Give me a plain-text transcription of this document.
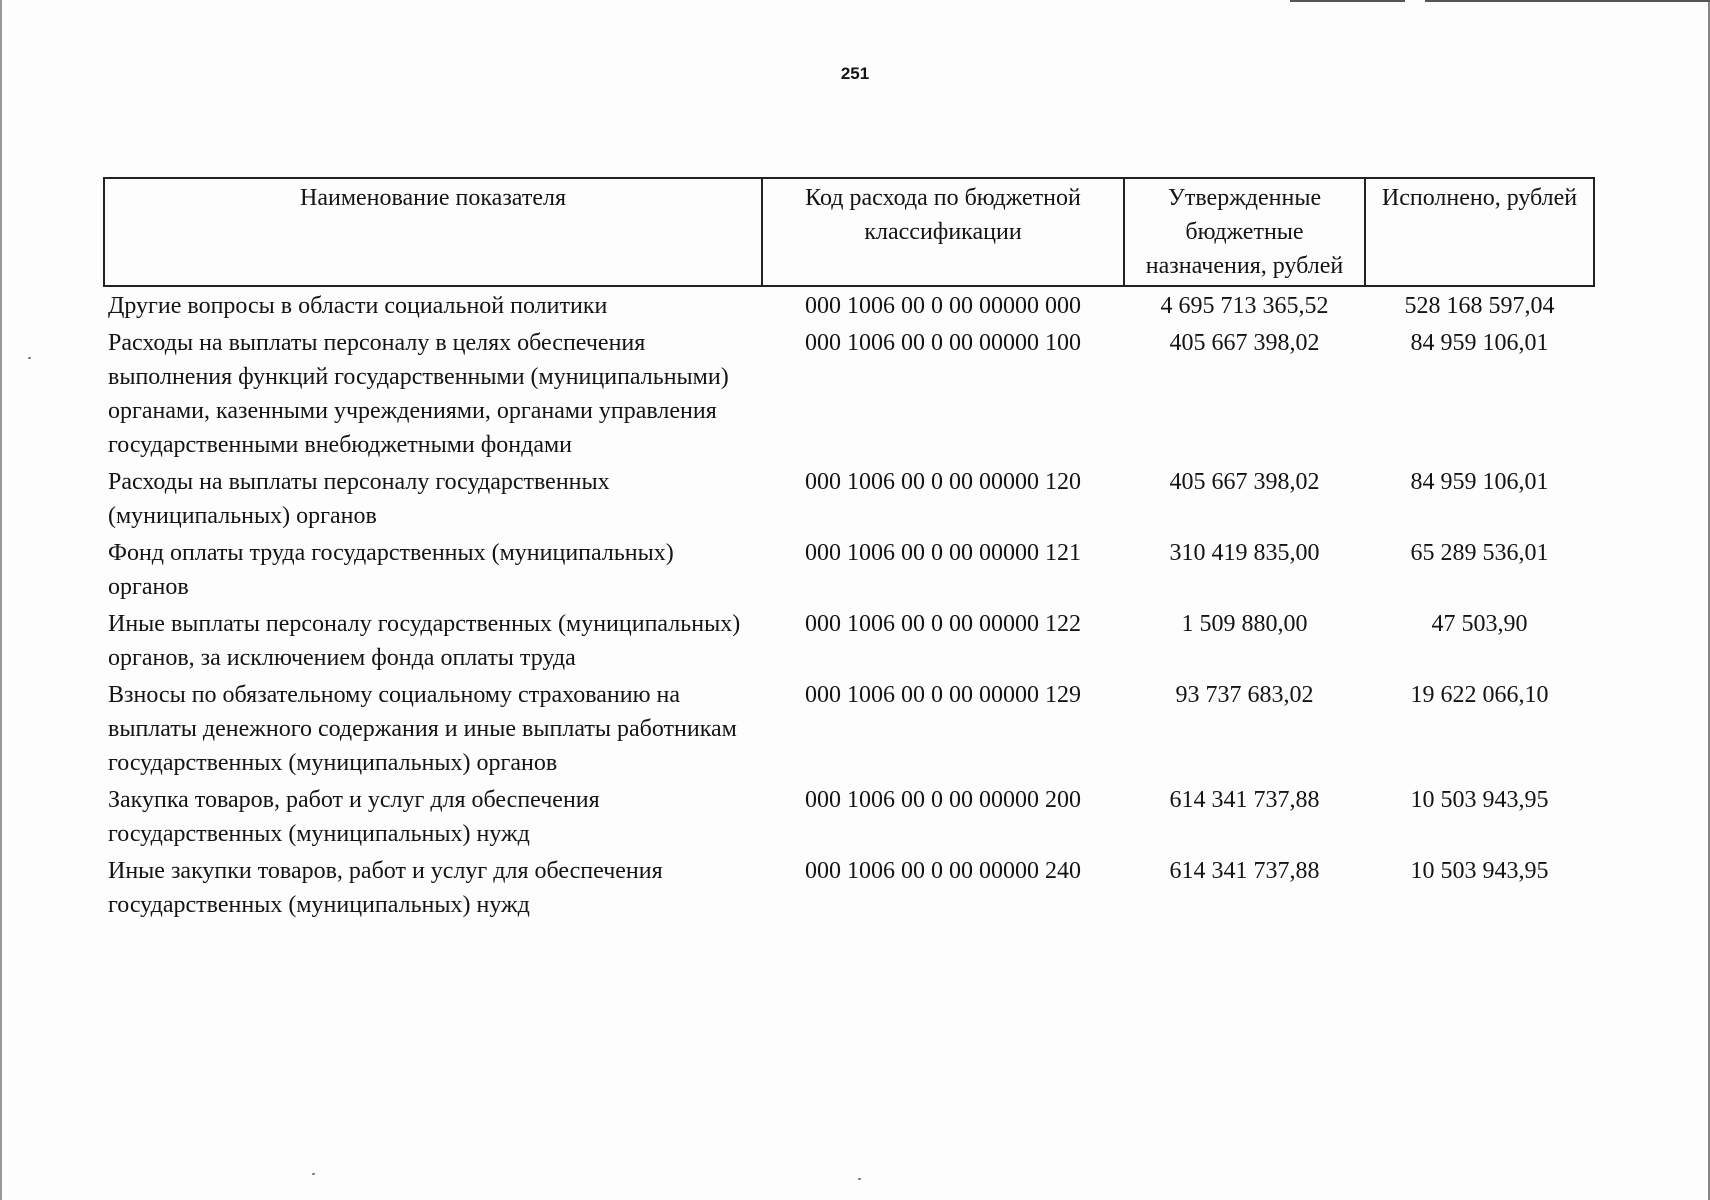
251
Наименование показателя	Код расхода по бюджетной классификации	Утвержденные бюджетные назначения, рублей	Исполнено, рублей
Другие вопросы в области социальной политики	000 1006 00 0 00 00000 000	4 695 713 365,52	528 168 597,04
Расходы на выплаты персоналу в целях обеспечения выполнения функций государственными (муниципальными) органами, казенными учреждениями, органами управления государственными внебюджетными фондами	000 1006 00 0 00 00000 100	405 667 398,02	84 959 106,01
Расходы на выплаты персоналу государственных (муниципальных) органов	000 1006 00 0 00 00000 120	405 667 398,02	84 959 106,01
Фонд оплаты труда государственных (муниципальных) органов	000 1006 00 0 00 00000 121	310 419 835,00	65 289 536,01
Иные выплаты персоналу государственных (муниципальных) органов, за исключением фонда оплаты труда	000 1006 00 0 00 00000 122	1 509 880,00	47 503,90
Взносы по обязательному социальному страхованию на выплаты денежного содержания и иные выплаты работникам государственных (муниципальных) органов	000 1006 00 0 00 00000 129	93 737 683,02	19 622 066,10
Закупка товаров, работ и услуг для обеспечения государственных (муниципальных) нужд	000 1006 00 0 00 00000 200	614 341 737,88	10 503 943,95
Иные закупки товаров, работ и услуг для обеспечения государственных (муниципальных) нужд	000 1006 00 0 00 00000 240	614 341 737,88	10 503 943,95
